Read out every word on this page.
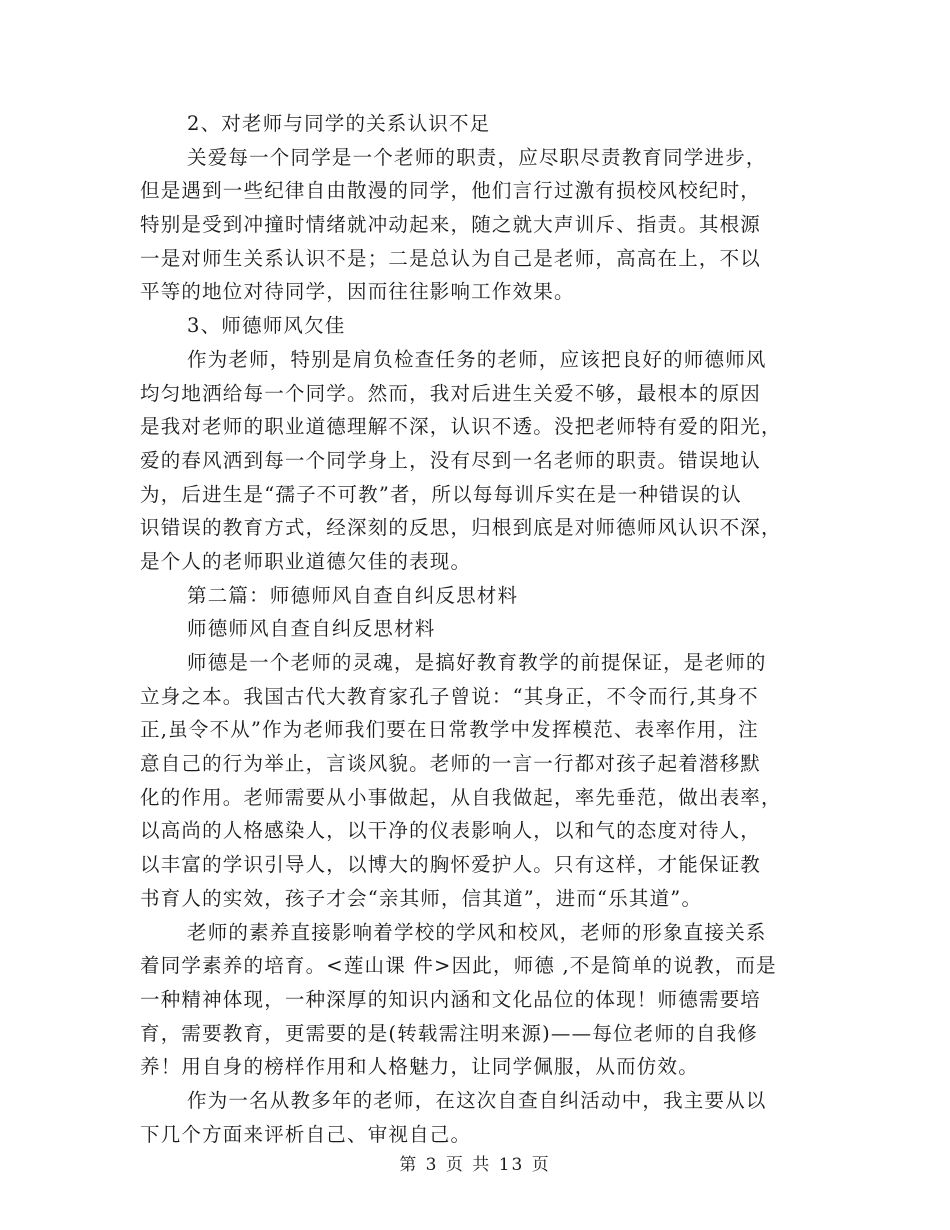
2、对老师与同学的关系认识不足
关爱每一个同学是一个老师的职责，应尽职尽责教育同学进步，
但是遇到一些纪律自由散漫的同学，他们言行过激有损校风校纪时，
特别是受到冲撞时情绪就冲动起来，随之就大声训斥、指责。其根源
一是对师生关系认识不是；二是总认为自己是老师，高高在上，不以
平等的地位对待同学，因而往往影响工作效果。
3、师德师风欠佳
作为老师，特别是肩负检查任务的老师，应该把良好的师德师风
均匀地洒给每一个同学。然而，我对后进生关爱不够，最根本的原因
是我对老师的职业道德理解不深，认识不透。没把老师特有爱的阳光，
爱的春风洒到每一个同学身上，没有尽到一名老师的职责。错误地认
为，后进生是“孺子不可教”者，所以每每训斥实在是一种错误的认
识错误的教育方式，经深刻的反思，归根到底是对师德师风认识不深，
是个人的老师职业道德欠佳的表现。
第二篇：师德师风自查自纠反思材料
师德师风自查自纠反思材料
师德是一个老师的灵魂，是搞好教育教学的前提保证，是老师的
立身之本。我国古代大教育家孔子曾说：“其身正，不令而行,其身不
正,虽令不从”作为老师我们要在日常教学中发挥模范、表率作用，注
意自己的行为举止，言谈风貌。老师的一言一行都对孩子起着潜移默
化的作用。老师需要从小事做起，从自我做起，率先垂范，做出表率，
以高尚的人格感染人，以干净的仪表影响人，以和气的态度对待人，
以丰富的学识引导人，以博大的胸怀爱护人。只有这样，才能保证教
书育人的实效，孩子才会“亲其师，信其道”，进而“乐其道”。
老师的素养直接影响着学校的学风和校风，老师的形象直接关系
着同学素养的培育。<莲山课 件>因此，师德 ,不是简单的说教，而是
一种精神体现，一种深厚的知识内涵和文化品位的体现！师德需要培
育，需要教育，更需要的是(转载需注明来源)——每位老师的自我修
养！用自身的榜样作用和人格魅力，让同学佩服，从而仿效。
作为一名从教多年的老师，在这次自查自纠活动中，我主要从以
下几个方面来评析自己、审视自己。
第 3 页 共 13 页
